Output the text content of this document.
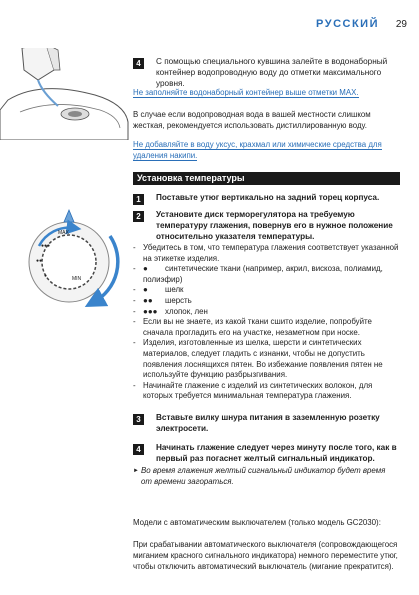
РУССКИЙ 29
4	С помощью специального кувшина залейте в водонаборный контейнер водопроводную воду до отметки максимального уровня.
Не заполняйте водонаборный контейнер выше отметки MAX.
В случае если водопроводная вода в вашей местности слишком жесткая, рекомендуется использовать дистиллированную воду.
Не добавляйте в воду уксус, крахмал или химические средства для удаления накипи.
Установка температуры
1	Поставьте утюг вертикально на задний торец корпуса.
2	Установите диск терморегулятора на требуемую температуру глажения, повернув его в нужное положение относительно указателя температуры.
MAX
●●●
●●
●	MIN
- Убедитесь в том, что температура глажения соответствует указанной на этикетке изделия.
- ● синтетические ткани (например, акрил, вискоза, полиамид, полиэфир)
- ● шелк
- ●● шерсть
- ●●● хлопок, лен
- Если вы не знаете, из какой ткани сшито изделие, попробуйте сначала прогладить его на участке, незаметном при носке.
- Изделия, изготовленные из шелка, шерсти и синтетических материалов, следует гладить с изнанки, чтобы не допустить появления лоснящихся пятен. Во избежание появления пятен не используйте функцию разбрызгивания.
- Начинайте глажение с изделий из синтетических волокон, для которых требуется минимальная температура глажения.
3	Вставьте вилку шнура питания в заземленную розетку электросети.
4	Начинать глажение следует через минуту после того, как в первый раз погаснет желтый сигнальный индикатор.
► Во время глажения желтый сигнальный индикатор будет время от времени загораться.
Модели с автоматическим выключателем (только модель GC2030):
При срабатывании автоматического выключателя (сопровождающегося миганием красного сигнального индикатора) немного переместите утюг, чтобы отключить автоматический выключатель (мигание прекратится).
